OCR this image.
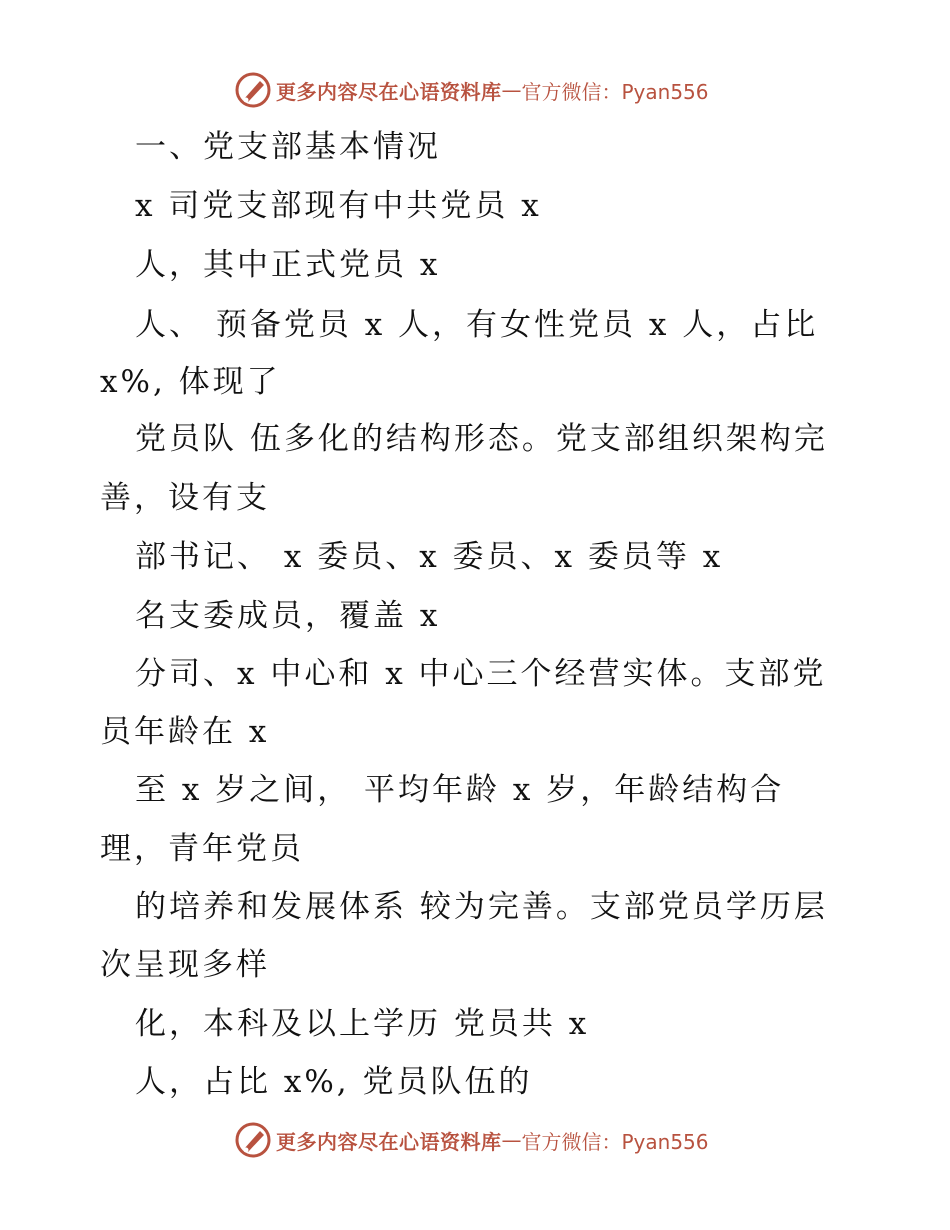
更多内容尽在心语资料库 — 官方微信：Pyan556
一、党支部基本情况
x 司党支部现有中共党员 x
人，其中正式党员 x
人、 预备党员 x 人，有女性党员 x 人，占比
x%, 体现了
党员队 伍多化的结构形态。党支部组织架构完
善，设有支
部书记、 x 委员、x 委员、x 委员等 x
名支委成员，覆盖 x
分司、x 中心和 x 中心三个经营实体。支部党
员年龄在 x
至 x 岁之间， 平均年龄 x 岁，年龄结构合
理，青年党员
的培养和发展体系 较为完善。支部党员学历层
次呈现多样
化，本科及以上学历 党员共 x
人，占比 x%, 党员队伍的
更多内容尽在心语资料库 — 官方微信：Pyan556
